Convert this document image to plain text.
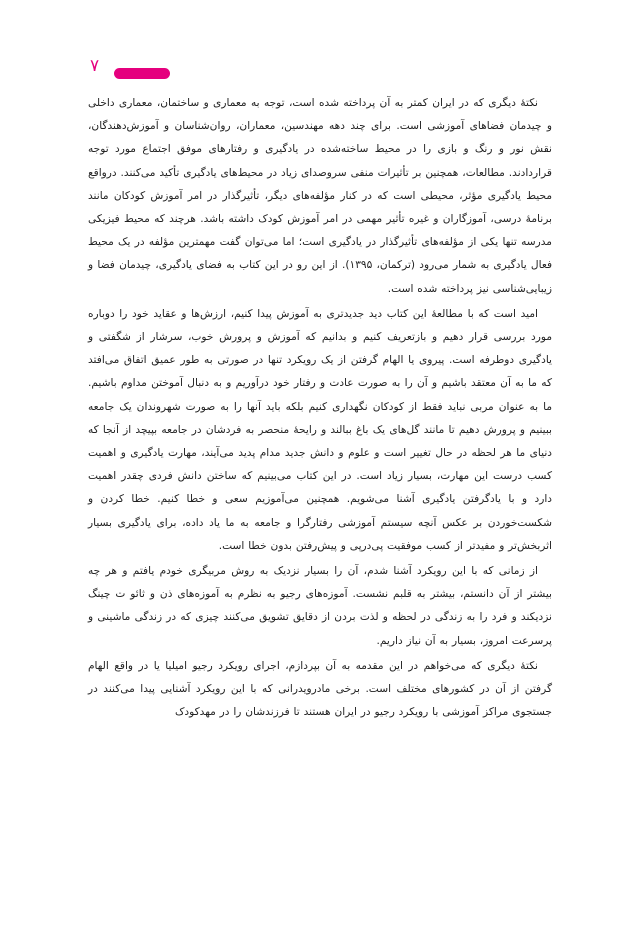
۷

نکتهٔ دیگری که در ایران کمتر به آن پرداخته شده است، توجه به معماری و ساختمان، معماری داخلی و چیدمان فضاهای آموزشی است. برای چند دهه مهندسین، معماران، روان‌شناسان و آموزش‌دهندگان، نقش نور و رنگ و بازی را در محیط ساخته‌شده در یادگیری و رفتارهای موفق اجتماع مورد توجه قراردادند. مطالعات، همچنین بر تأثیرات منفی سروصدای زیاد در محیط‌های یادگیری تأکید می‌کنند. درواقع محیط یادگیری مؤثر، محیطی است که در کنار مؤلفه‌های دیگر، تأثیرگذار در امر آموزش کودکان مانند برنامهٔ درسی، آموزگاران و غیره تأثیر مهمی در امر آموزش کودک داشته باشد. هرچند که محیط فیزیکی مدرسه تنها یکی از مؤلفه‌های تأثیرگذار در یادگیری است؛ اما می‌توان گفت مهمترین مؤلفه در یک محیط فعال یادگیری به شمار می‌رود (ترکمان، ۱۳۹۵). از این رو در این کتاب به فضای یادگیری، چیدمان فضا و زیبایی‌شناسی نیز پرداخته شده است.

امید است که با مطالعهٔ این کتاب دید جدیدتری به آموزش پیدا کنیم، ارزش‌ها و عقاید خود را دوباره مورد بررسی قرار دهیم و بازتعریف کنیم و بدانیم که آموزش و پرورش خوب، سرشار از شگفتی و یادگیری دوطرفه است. پیروی یا الهام گرفتن از یک رویکرد تنها در صورتی به طور عمیق اتفاق می‌افتد که ما به آن معتقد باشیم و آن را به صورت عادت و رفتار خود درآوریم و به دنبال آموختن مداوم باشیم. ما به عنوان مربی نباید فقط از کودکان نگهداری کنیم بلکه باید آنها را به صورت شهروندان یک جامعه ببینیم و پرورش دهیم تا مانند گل‌های یک باغ ببالند و رایحهٔ منحصر به فردشان در جامعه بپیچد از آنجا که دنیای ما هر لحظه در حال تغییر است و علوم و دانش جدید مدام پدید می‌آیند، مهارت یادگیری و اهمیت کسب درست این مهارت، بسیار زیاد است. در این کتاب می‌بینیم که ساختن دانش فردی چقدر اهمیت دارد و با یادگرفتن یادگیری آشنا می‌شویم. همچنین می‌آموزیم سعی و خطا کنیم. خطا کردن و شکست‌خوردن بر عکس آنچه سیستم آموزشی رفتارگرا و جامعه به ما یاد داده، برای یادگیری بسیار اثربخش‌تر و مفیدتر از کسب موفقیت پی‌درپی و پیش‌رفتن بدون خطا است.

از زمانی که با این رویکرد آشنا شدم، آن را بسیار نزدیک به روش مربیگری خودم یافتم و هر چه بیشتر از آن دانستم، بیشتر به قلبم نشست. آموزه‌های رجیو به نظرم به آموزه‌های ذن و ثائو ت چینگ نزدیکند و فرد را به زندگی در لحظه و لذت بردن از دقایق تشویق می‌کنند چیزی که در زندگی ماشینی و پرسرعت امروز، بسیار به آن نیاز داریم.

نکتهٔ دیگری که می‌خواهم در این مقدمه به آن بپردازم، اجرای رویکرد رجیو امیلیا یا در واقع الهام گرفتن از آن در کشورهای مختلف است. برخی مادرویدرانی که با این رویکرد آشنایی پیدا می‌کنند در جستجوی مراکز آموزشی با رویکرد رجیو در ایران هستند تا فرزندشان را در مهدکودک
